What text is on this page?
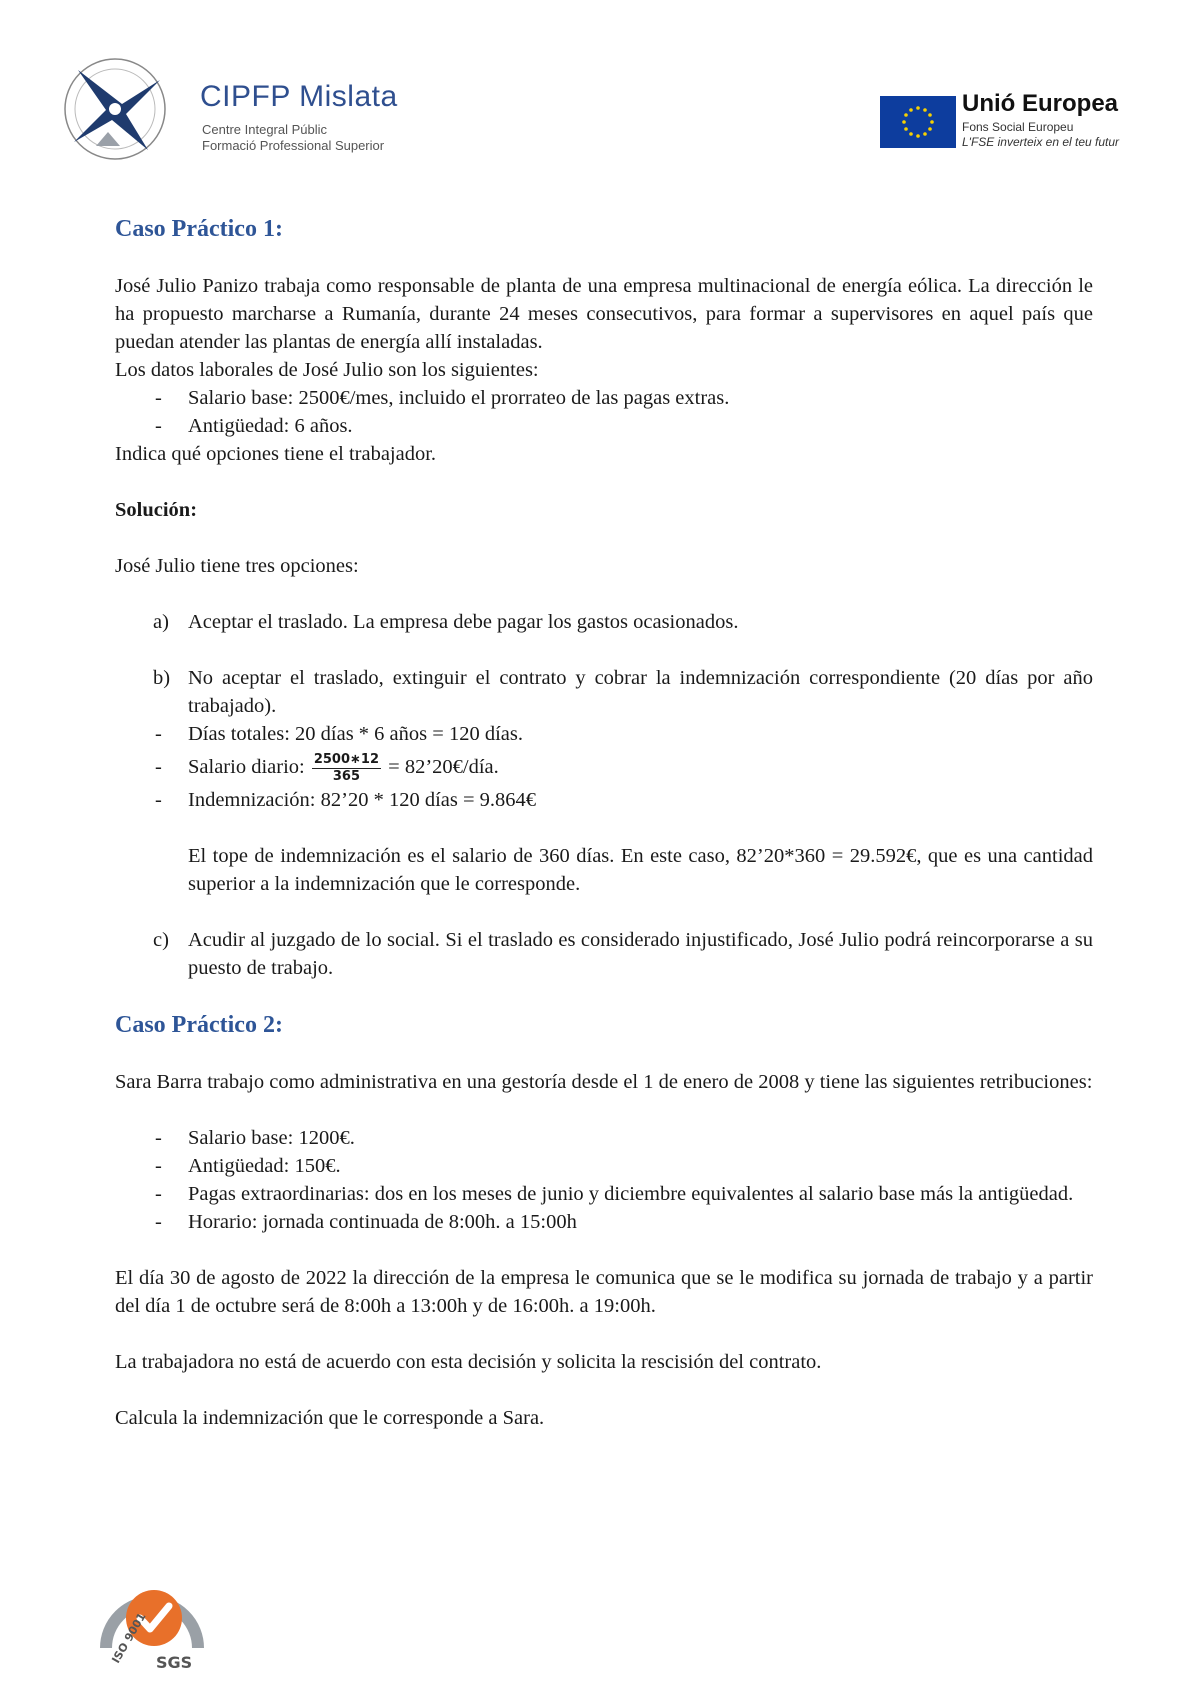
CIPFP Mislata
Centre Integral Públic
Formació Professional Superior
Unió Europea
Fons Social Europeu
L'FSE inverteix en el teu futur
Caso Práctico 1:

José Julio Panizo trabaja como responsable de planta de una empresa multinacional de energía eólica. La dirección le ha propuesto marcharse a Rumanía, durante 24 meses consecutivos, para formar a supervisores en aquel país que puedan atender las plantas de energía allí instaladas.

Los datos laborales de José Julio son los siguientes:

- Salario base: 2500€/mes, incluido el prorrateo de las pagas extras.
- Antigüedad: 6 años.

Indica qué opciones tiene el trabajador.

Solución:

José Julio tiene tres opciones:

a) Aceptar el traslado. La empresa debe pagar los gastos ocasionados.
b) No aceptar el traslado, extinguir el contrato y cobrar la indemnización correspondiente (20 días por año trabajado).
- Días totales: 20 días * 6 años = 120 días.
- Salario diario: $\frac{2500∗12}{365}$ = 82’20€/día.
- Indemnización: 82’20 * 120 días = 9.864€

El tope de indemnización es el salario de 360 días. En este caso, 82’20*360 = 29.592€, que es una cantidad superior a la indemnización que le corresponde.

c) Acudir al juzgado de lo social. Si el traslado es considerado injustificado, José Julio podrá reincorporarse a su puesto de trabajo.
Caso Práctico 2:

Sara Barra trabajo como administrativa en una gestoría desde el 1 de enero de 2008 y tiene las siguientes retribuciones:

- Salario base: 1200€.
- Antigüedad: 150€.
- Pagas extraordinarias: dos en los meses de junio y diciembre equivalentes al salario base más la antigüedad.
- Horario: jornada continuada de 8:00h. a 15:00h

El día 30 de agosto de 2022 la dirección de la empresa le comunica que se le modifica su jornada de trabajo y a partir del día 1 de octubre será de 8:00h a 13:00h y de 16:00h. a 19:00h.

La trabajadora no está de acuerdo con esta decisión y solicita la rescisión del contrato.

Calcula la indemnización que le corresponde a Sara.

ISO 9001 SGS
